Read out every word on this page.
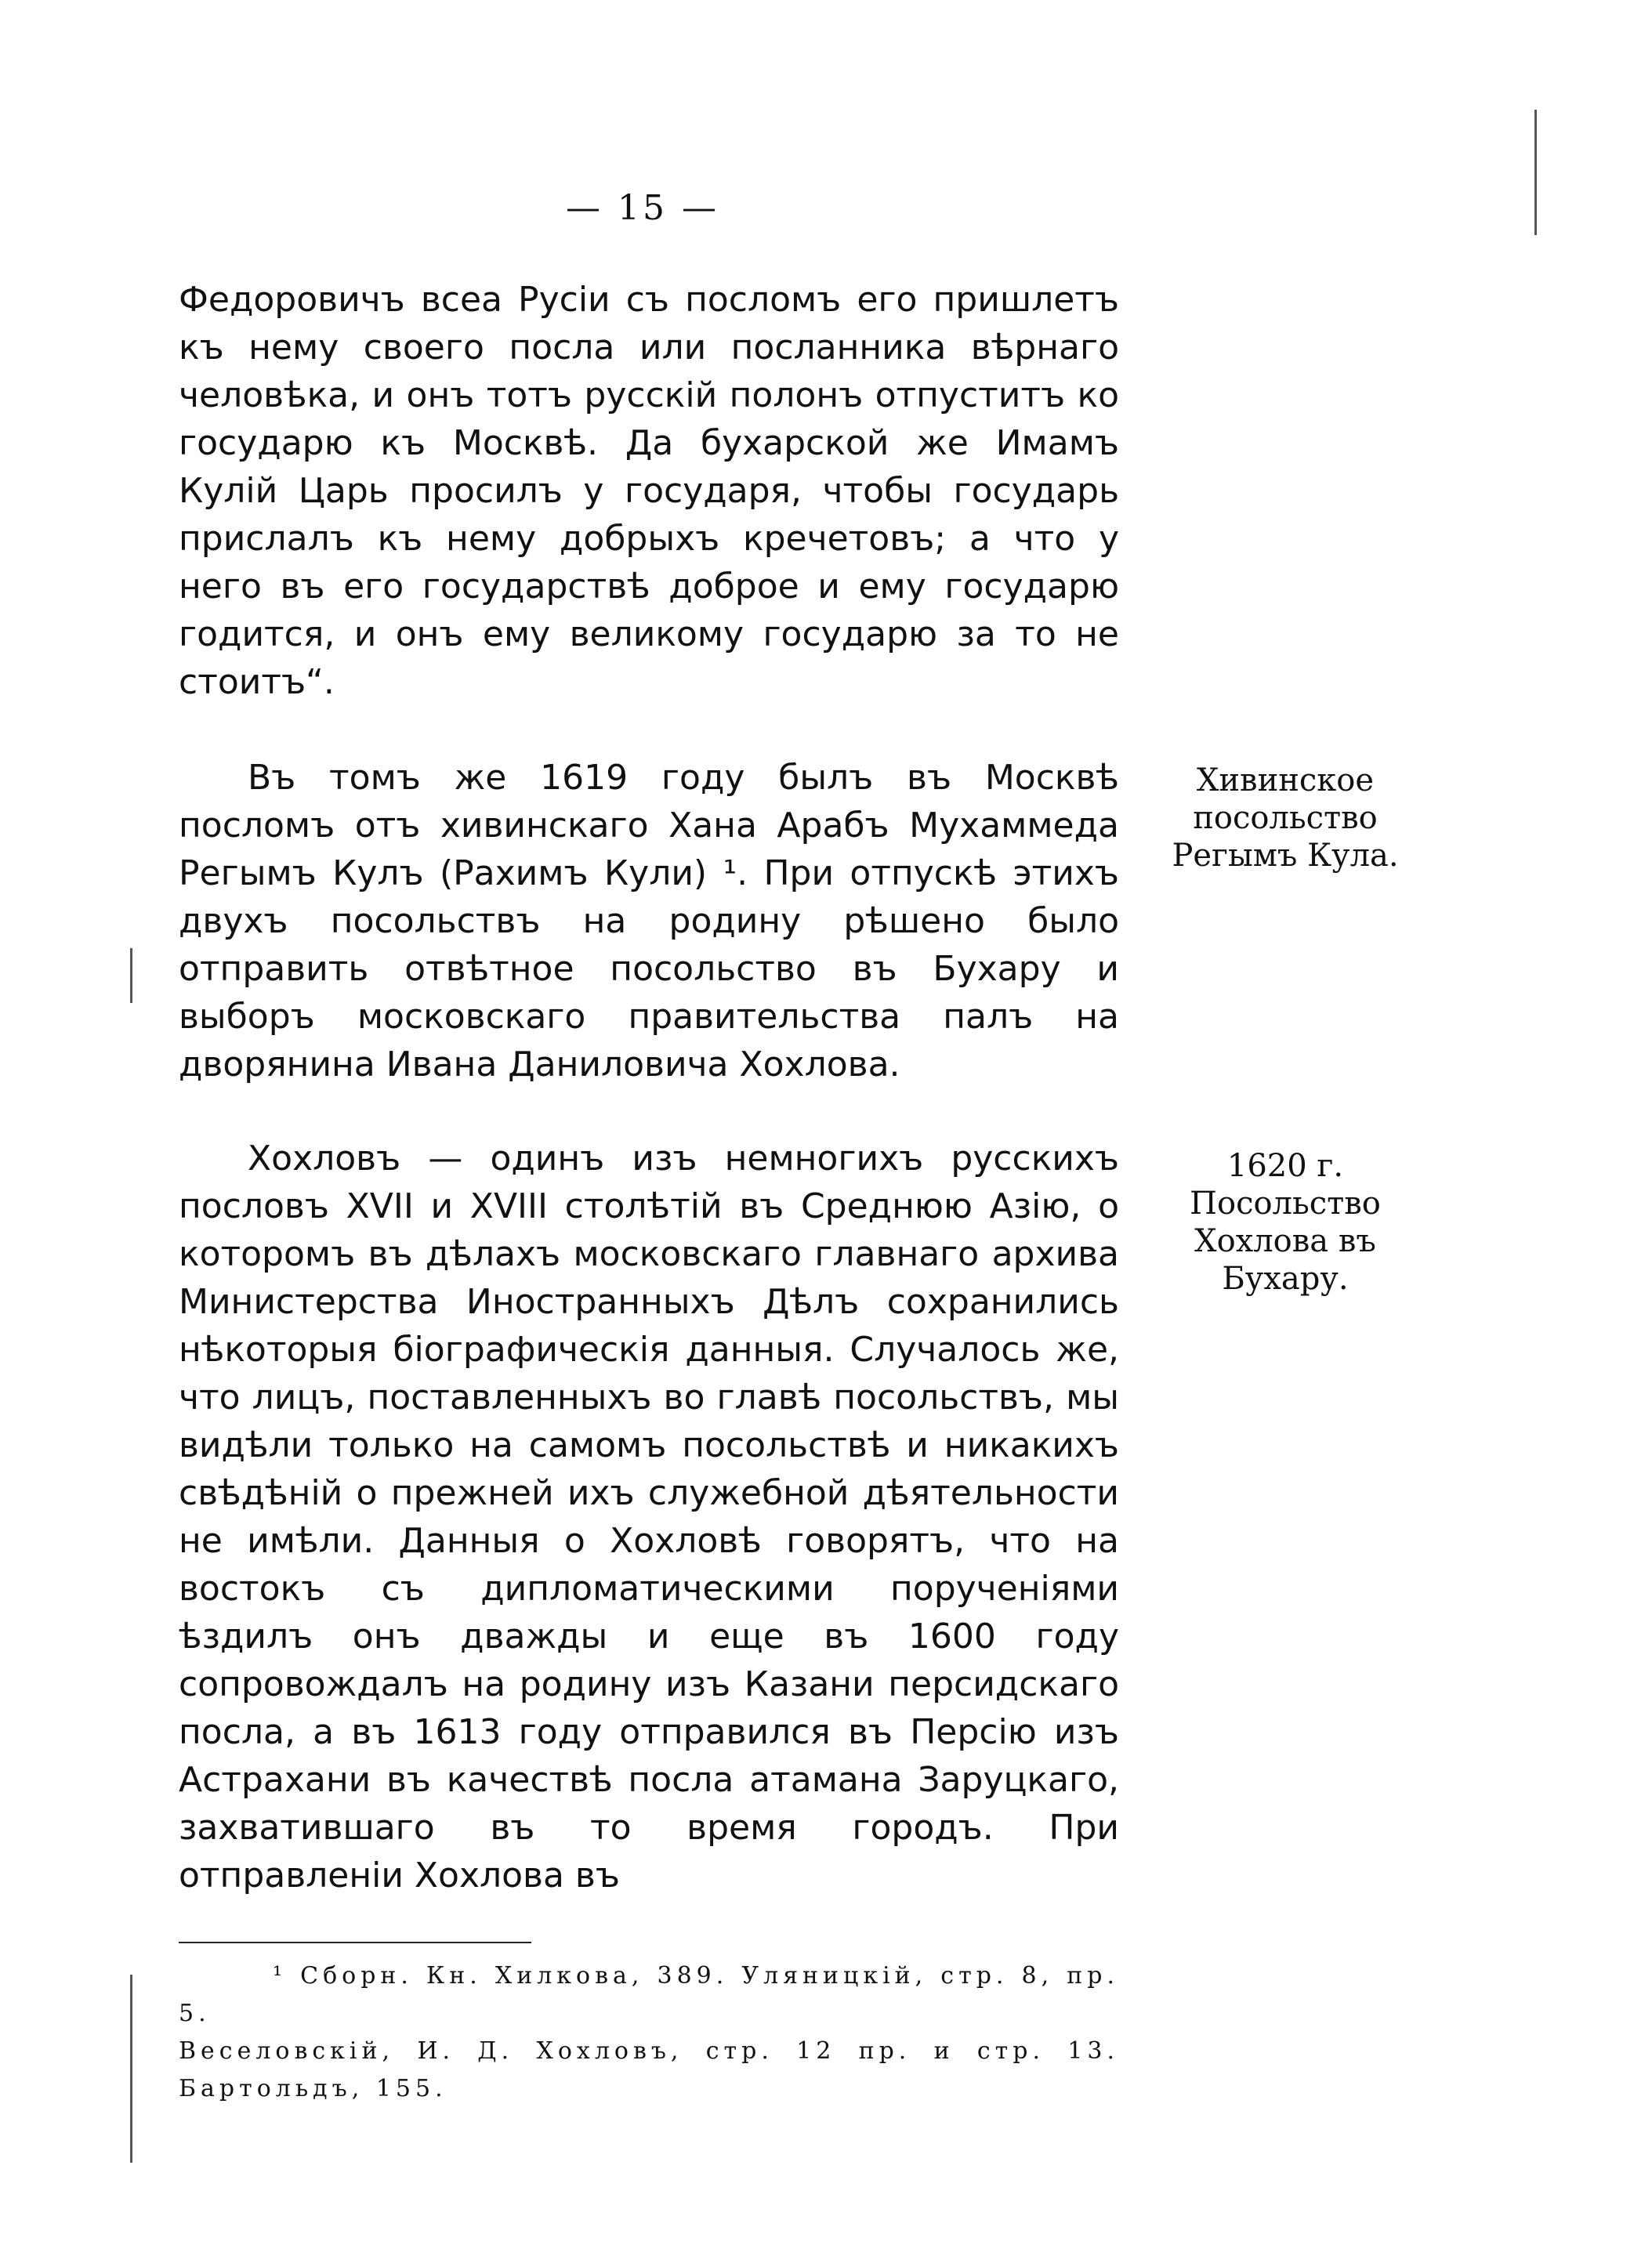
— 15 —

Федоровичъ всеа Русіи съ посломъ его пришлетъ къ нему своего посла или посланника вѣрнаго человѣка, и онъ тотъ русскій полонъ отпуститъ ко государю къ Москвѣ. Да бухарской же Имамъ Кулій Царь просилъ у государя, чтобы государь прислалъ къ нему добрыхъ кречетовъ; а что у него въ его государствѣ доброе и ему государю годится, и онъ ему великому государю за то не стоитъ“.

Въ томъ же 1619 году былъ въ Москвѣ посломъ отъ хивинскаго Хана Арабъ Мухаммеда Регымъ Кулъ (Рахимъ Кули) ¹. При отпускѣ этихъ двухъ посольствъ на родину рѣшено было отправить отвѣтное посольство въ Бухару и выборъ московскаго правительства палъ на дворянина Ивана Даниловича Хохлова.

Хохловъ — одинъ изъ немногихъ русскихъ пословъ XVII и XVIII столѣтій въ Среднюю Азію, о которомъ въ дѣлахъ московскаго главнаго архива Министерства Иностранныхъ Дѣлъ сохранились нѣкоторыя біографическія данныя. Случалось же, что лицъ, поставленныхъ во главѣ посольствъ, мы видѣли только на самомъ посольствѣ и никакихъ свѣдѣній о прежней ихъ служебной дѣятельности не имѣли. Данныя о Хохловѣ говорятъ, что на востокъ съ дипломатическими порученіями ѣздилъ онъ дважды и еще въ 1600 году сопровождалъ на родину изъ Казани персидскаго посла, а въ 1613 году отправился въ Персію изъ Астрахани въ качествѣ посла атамана Заруцкаго, захватившаго въ то время городъ. При отправленіи Хохлова въ

Хивинское посольство Регымъ Кула.
1620 г. Посольство Хохлова въ Бухару.

¹ Сборн. Кн. Хилкова, 389. Уляницкій, стр. 8, пр. 5.

Веселовскій, И. Д. Хохловъ, стр. 12 пр. и стр. 13. Бартольдъ, 155.
